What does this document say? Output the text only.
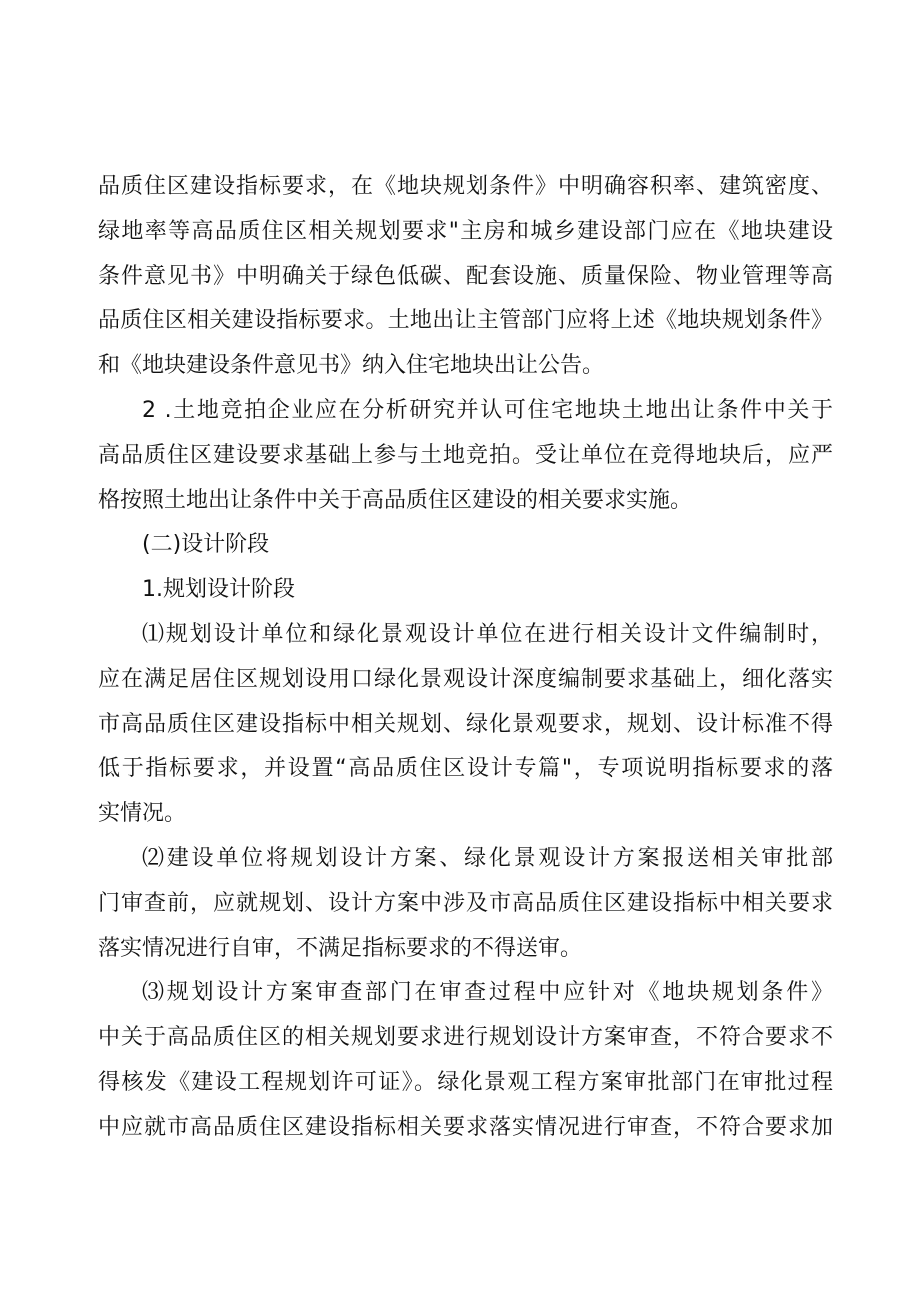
品质住区建设指标要求，在《地块规划条件》中明确容积率、建筑密度、
绿地率等高品质住区相关规划要求"主房和城乡建设部门应在《地块建设
条件意见书》中明确关于绿色低碳、配套设施、质量保险、物业管理等高
品质住区相关建设指标要求。土地出让主管部门应将上述《地块规划条件》
和《地块建设条件意见书》纳入住宅地块出让公告。
2 .土地竞拍企业应在分析研究并认可住宅地块土地出让条件中关于
高品质住区建设要求基础上参与土地竞拍。受让单位在竞得地块后，应严
格按照土地出让条件中关于高品质住区建设的相关要求实施。
(二)设计阶段
1.规划设计阶段
⑴规划设计单位和绿化景观设计单位在进行相关设计文件编制时，
应在满足居住区规划设用口绿化景观设计深度编制要求基础上，细化落实
市高品质住区建设指标中相关规划、绿化景观要求，规划、设计标准不得
低于指标要求，并设置“高品质住区设计专篇"，专项说明指标要求的落
实情况。
⑵建设单位将规划设计方案、绿化景观设计方案报送相关审批部
门审查前，应就规划、设计方案中涉及市高品质住区建设指标中相关要求
落实情况进行自审，不满足指标要求的不得送审。
⑶规划设计方案审查部门在审查过程中应针对《地块规划条件》
中关于高品质住区的相关规划要求进行规划设计方案审查，不符合要求不
得核发《建设工程规划许可证》。绿化景观工程方案审批部门在审批过程
中应就市高品质住区建设指标相关要求落实情况进行审查，不符合要求加
